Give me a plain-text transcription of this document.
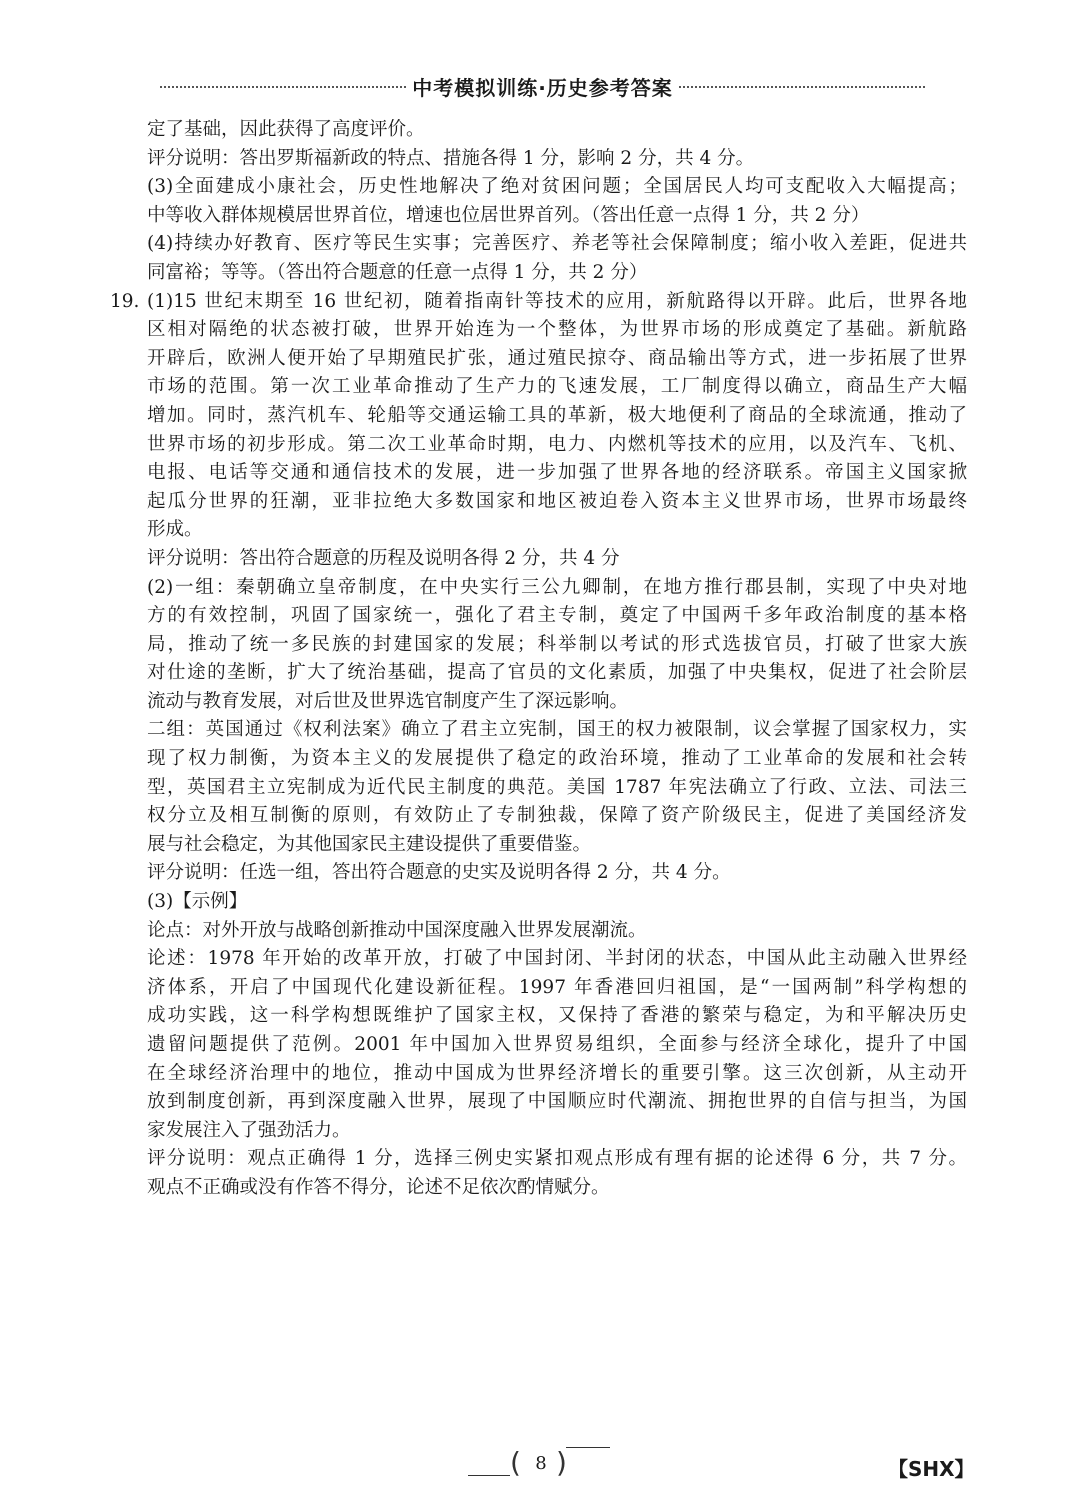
中考模拟训练·历史参考答案
⁠
定了基础，因此获得了高度评价。
评分说明：答出罗斯福新政的特点、措施各得 1 分，影响 2 分，共 4 分。
(3)全面建成小康社会，历史性地解决了绝对贫困问题；全国居民人均可支配收入大幅提高；
中等收入群体规模居世界首位，增速也位居世界首列。（答出任意一点得 1 分，共 2 分）
(4)持续办好教育、医疗等民生实事；完善医疗、养老等社会保障制度；缩小收入差距，促进共
同富裕；等等。（答出符合题意的任意一点得 1 分，共 2 分）
19. (1)15 世纪末期至 16 世纪初，随着指南针等技术的应用，新航路得以开辟。此后，世界各地
区相对隔绝的状态被打破，世界开始连为一个整体，为世界市场的形成奠定了基础。新航路
开辟后，欧洲人便开始了早期殖民扩张，通过殖民掠夺、商品输出等方式，进一步拓展了世界
市场的范围。第一次工业革命推动了生产力的飞速发展，工厂制度得以确立，商品生产大幅
增加。同时，蒸汽机车、轮船等交通运输工具的革新，极大地便利了商品的全球流通，推动了
世界市场的初步形成。第二次工业革命时期，电力、内燃机等技术的应用，以及汽车、飞机、
电报、电话等交通和通信技术的发展，进一步加强了世界各地的经济联系。帝国主义国家掀
起瓜分世界的狂潮，亚非拉绝大多数国家和地区被迫卷入资本主义世界市场，世界市场最终
形成。
评分说明：答出符合题意的历程及说明各得 2 分，共 4 分
(2)一组：秦朝确立皇帝制度，在中央实行三公九卿制，在地方推行郡县制，实现了中央对地
方的有效控制，巩固了国家统一，强化了君主专制，奠定了中国两千多年政治制度的基本格
局，推动了统一多民族的封建国家的发展；科举制以考试的形式选拔官员，打破了世家大族
对仕途的垄断，扩大了统治基础，提高了官员的文化素质，加强了中央集权，促进了社会阶层
流动与教育发展，对后世及世界选官制度产生了深远影响。
二组：英国通过《权利法案》确立了君主立宪制，国王的权力被限制，议会掌握了国家权力，实
现了权力制衡，为资本主义的发展提供了稳定的政治环境，推动了工业革命的发展和社会转
型，英国君主立宪制成为近代民主制度的典范。美国 1787 年宪法确立了行政、立法、司法三
权分立及相互制衡的原则，有效防止了专制独裁，保障了资产阶级民主，促进了美国经济发
展与社会稳定，为其他国家民主建设提供了重要借鉴。
评分说明：任选一组，答出符合题意的史实及说明各得 2 分，共 4 分。
(3)【示例】
论点：对外开放与战略创新推动中国深度融入世界发展潮流。
论述：1978 年开始的改革开放，打破了中国封闭、半封闭的状态，中国从此主动融入世界经
济体系，开启了中国现代化建设新征程。1997 年香港回归祖国，是“一国两制”科学构想的
成功实践，这一科学构想既维护了国家主权，又保持了香港的繁荣与稳定，为和平解决历史
遗留问题提供了范例。2001 年中国加入世界贸易组织，全面参与经济全球化，提升了中国
在全球经济治理中的地位，推动中国成为世界经济增长的重要引擎。这三次创新，从主动开
放到制度创新，再到深度融入世界，展现了中国顺应时代潮流、拥抱世界的自信与担当，为国
家发展注入了强劲活力。
评分说明：观点正确得 1 分，选择三例史实紧扣观点形成有理有据的论述得 6 分，共 7 分。
观点不正确或没有作答不得分，论述不足依次酌情赋分。
( 8 )	【SHX】
